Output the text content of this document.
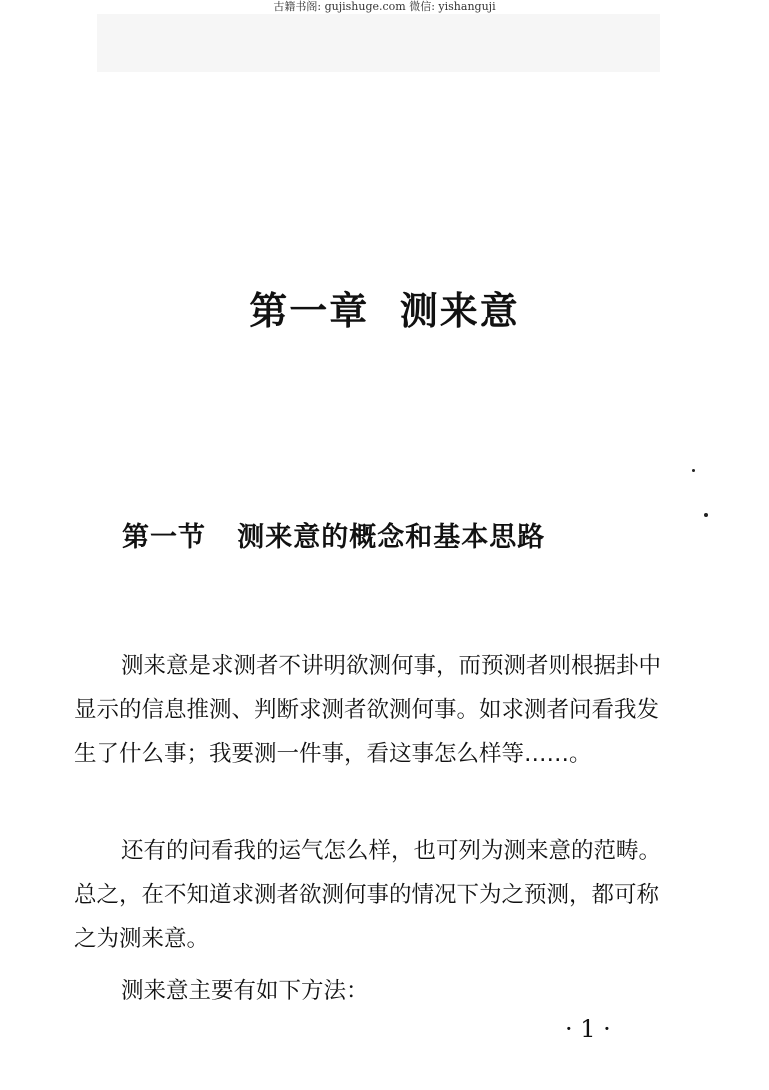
古籍书阁: gujishuge.com 微信: yishanguji
第一章  测来意
第一节   测来意的概念和基本思路

测来意是求测者不讲明欲测何事，而预测者则根据卦中显示的信息推测、判断求测者欲测何事。如求测者问看我发生了什么事；我要测一件事，看这事怎么样等……。

还有的问看我的运气怎么样，也可列为测来意的范畴。总之，在不知道求测者欲测何事的情况下为之预测，都可称之为测来意。

测来意主要有如下方法：

· 1 ·
